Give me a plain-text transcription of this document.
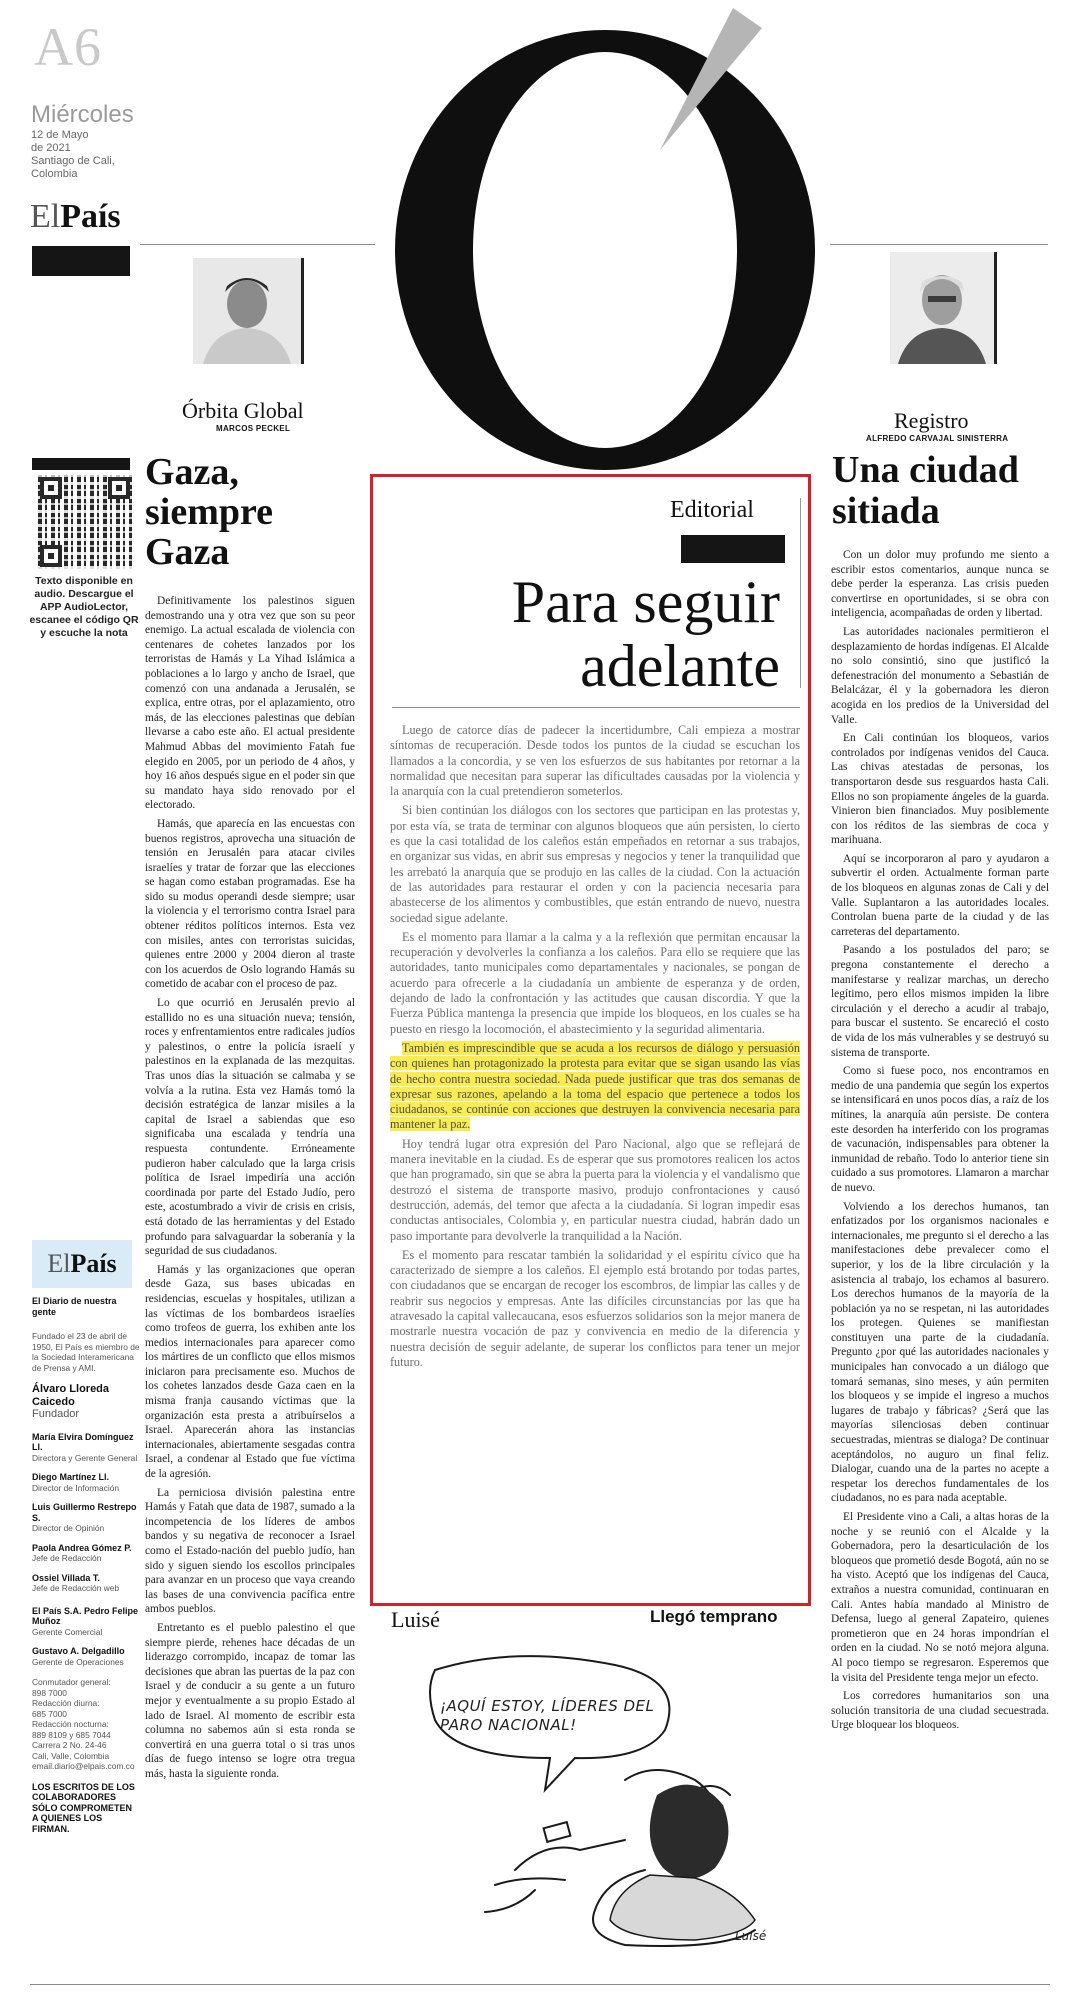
A6
Miércoles
12 de Mayo
de 2021
Santiago de Cali,
Colombia
ElPaís
Órbita Global
MARCOS PECKEL	Registro
ALFREDO CARVAJAL SINISTERRA
Texto disponible en audio. Descargue el APP AudioLector, escanee el código QR y escuche la nota
Gaza,
siempre
Gaza

Definitivamente los palestinos siguen demostrando una y otra vez que son su peor enemigo. La actual escalada de violencia con centenares de cohetes lanzados por los terroristas de Hamás y La Yihad Islámica a poblaciones a lo largo y ancho de Israel, que comenzó con una andanada a Jerusalén, se explica, entre otras, por el aplazamiento, otro más, de las elecciones palestinas que debían llevarse a cabo este año. El actual presidente Mahmud Abbas del movimiento Fatah fue elegido en 2005, por un periodo de 4 años, y hoy 16 años después sigue en el poder sin que su mandato haya sido renovado por el electorado.

Hamás, que aparecía en las encuestas con buenos registros, aprovecha una situación de tensión en Jerusalén para atacar civiles israelíes y tratar de forzar que las elecciones se hagan como estaban programadas. Ese ha sido su modus operandi desde siempre; usar la violencia y el terrorismo contra Israel para obtener réditos políticos internos. Esta vez con misiles, antes con terroristas suicidas, quienes entre 2000 y 2004 dieron al traste con los acuerdos de Oslo logrando Hamás su cometido de acabar con el proceso de paz.

Lo que ocurrió en Jerusalén previo al estallido no es una situación nueva; tensión, roces y enfrentamientos entre radicales judíos y palestinos, o entre la policía israelí y palestinos en la explanada de las mezquitas. Tras unos días la situación se calmaba y se volvía a la rutina. Esta vez Hamás tomó la decisión estratégica de lanzar misiles a la capital de Israel a sabiendas que eso significaba una escalada y tendría una respuesta contundente. Erróneamente pudieron haber calculado que la larga crisis política de Israel impediría una acción coordinada por parte del Estado Judío, pero este, acostumbrado a vivir de crisis en crisis, está dotado de las herramientas y del Estado profundo para salvaguardar la soberanía y la seguridad de sus ciudadanos.

Hamás y las organizaciones que operan desde Gaza, sus bases ubicadas en residencias, escuelas y hospitales, utilizan a las víctimas de los bombardeos israelíes como trofeos de guerra, los exhiben ante los medios internacionales para aparecer como los mártires de un conflicto que ellos mismos iniciaron para precisamente eso. Muchos de los cohetes lanzados desde Gaza caen en la misma franja causando víctimas que la organización esta presta a atribuírselos a Israel. Aparecerán ahora las instancias internacionales, abiertamente sesgadas contra Israel, a condenar al Estado que fue víctima de la agresión.

La perniciosa división palestina entre Hamás y Fatah que data de 1987, sumado a la incompetencia de los líderes de ambos bandos y su negativa de reconocer a Israel como el Estado-nación del pueblo judío, han sido y siguen siendo los escollos principales para avanzar en un proceso que vaya creando las bases de una convivencia pacífica entre ambos pueblos.

Entretanto es el pueblo palestino el que siempre pierde, rehenes hace décadas de un liderazgo corrompido, incapaz de tomar las decisiones que abran las puertas de la paz con Israel y de conducir a su gente a un futuro mejor y eventualmente a su propio Estado al lado de Israel. Al momento de escribir esta columna no sabemos aún si esta ronda se convertirá en una guerra total o si tras unos días de fuego intenso se logre otra tregua más, hasta la siguiente ronda.

ElPaís
El Diario de nuestra gente
Fundado el 23 de abril de 1950, El País es miembro de la Sociedad Interamericana de Prensa y AMI.
Álvaro Lloreda Caicedo
Fundador
María Elvira Domínguez Ll.
Directora y Gerente General
Diego Martínez Ll.
Director de Información
Luis Guillermo Restrepo S.
Director de Opinión
Paola Andrea Gómez P.
Jefe de Redacción
Ossiel Villada T.
Jefe de Redacción web
El País S.A. Pedro Felipe Muñoz
Gerente Comercial
Gustavo A. Delgadillo
Gerente de Operaciones
Conmutador general:
898 7000
Redacción diurna:
685 7000
Redacción nocturna:
889 8109 y 685 7044
Carrera 2 No. 24-46
Cali, Valle, Colombia
email.diario@elpais.com.co
LOS ESCRITOS DE LOS COLABORADORES SÓLO COMPROMETEN A QUIENES LOS FIRMAN.
Editorial
Para seguir
adelante

Luego de catorce días de padecer la incertidumbre, Cali empieza a mostrar síntomas de recuperación. Desde todos los puntos de la ciudad se escuchan los llamados a la concordia, y se ven los esfuerzos de sus habitantes por retornar a la normalidad que necesitan para superar las dificultades causadas por la violencia y la anarquía con la cual pretendieron someterlos.

Si bien continúan los diálogos con los sectores que participan en las protestas y, por esta vía, se trata de terminar con algunos bloqueos que aún persisten, lo cierto es que la casi totalidad de los caleños están empeñados en retornar a sus trabajos, en organizar sus vidas, en abrir sus empresas y negocios y tener la tranquilidad que les arrebató la anarquía que se produjo en las calles de la ciudad. Con la actuación de las autoridades para restaurar el orden y con la paciencia necesaria para abastecerse de los alimentos y combustibles, que están entrando de nuevo, nuestra sociedad sigue adelante.

Es el momento para llamar a la calma y a la reflexión que permitan encausar la recuperación y devolverles la confianza a los caleños. Para ello se requiere que las autoridades, tanto municipales como departamentales y nacionales, se pongan de acuerdo para ofrecerle a la ciudadanía un ambiente de esperanza y de orden, dejando de lado la confrontación y las actitudes que causan discordia. Y que la Fuerza Pública mantenga la presencia que impide los bloqueos, en los cuales se ha puesto en riesgo la locomoción, el abastecimiento y la seguridad alimentaria.

También es imprescindible que se acuda a los recursos de diálogo y persuasión con quienes han protagonizado la protesta para evitar que se sigan usando las vías de hecho contra nuestra sociedad. Nada puede justificar que tras dos semanas de expresar sus razones, apelando a la toma del espacio que pertenece a todos los ciudadanos, se continúe con acciones que destruyen la convivencia necesaria para mantener la paz.

Hoy tendrá lugar otra expresión del Paro Nacional, algo que se reflejará de manera inevitable en la ciudad. Es de esperar que sus promotores realicen los actos que han programado, sin que se abra la puerta para la violencia y el vandalismo que destrozó el sistema de transporte masivo, produjo confrontaciones y causó destrucción, además, del temor que afecta a la ciudadanía. Si logran impedir esas conductas antisociales, Colombia y, en particular nuestra ciudad, habrán dado un paso importante para devolverle la tranquilidad a la Nación.

Es el momento para rescatar también la solidaridad y el espíritu cívico que ha caracterizado de siempre a los caleños. El ejemplo está brotando por todas partes, con ciudadanos que se encargan de recoger los escombros, de limpiar las calles y de reabrir sus negocios y empresas. Ante las difíciles circunstancias por las que ha atravesado la capital vallecaucana, esos esfuerzos solidarios son la mejor manera de mostrarle nuestra vocación de paz y convivencia en medio de la diferencia y nuestra decisión de seguir adelante, de superar los conflictos para tener un mejor futuro.

Luisé	Llegó temprano
Luisé
¡AQUÍ ESTOY, LÍDERES DEL PARO NACIONAL!
Una ciudad
sitiada

Con un dolor muy profundo me siento a escribir estos comentarios, aunque nunca se debe perder la esperanza. Las crisis pueden convertirse en oportunidades, si se obra con inteligencia, acompañadas de orden y libertad.

Las autoridades nacionales permitieron el desplazamiento de hordas indígenas. El Alcalde no solo consintió, sino que justificó la defenestración del monumento a Sebastián de Belalcázar, él y la gobernadora les dieron acogida en los predios de la Universidad del Valle.

En Cali continúan los bloqueos, varios controlados por indígenas venidos del Cauca. Las chivas atestadas de personas, los transportaron desde sus resguardos hasta Cali. Ellos no son propiamente ángeles de la guarda. Vinieron bien financiados. Muy posiblemente con los réditos de las siembras de coca y marihuana.

Aquí se incorporaron al paro y ayudaron a subvertir el orden. Actualmente forman parte de los bloqueos en algunas zonas de Cali y del Valle. Suplantaron a las autoridades locales. Controlan buena parte de la ciudad y de las carreteras del departamento.

Pasando a los postulados del paro; se pregona constantemente el derecho a manifestarse y realizar marchas, un derecho legítimo, pero ellos mismos impiden la libre circulación y el derecho a acudir al trabajo, para buscar el sustento. Se encareció el costo de vida de los más vulnerables y se destruyó su sistema de transporte.

Como si fuese poco, nos encontramos en medio de una pandemia que según los expertos se intensificará en unos pocos días, a raíz de los mítines, la anarquía aún persiste. De contera este desorden ha interferido con los programas de vacunación, indispensables para obtener la inmunidad de rebaño. Todo lo anterior tiene sin cuidado a sus promotores. Llamaron a marchar de nuevo.

Volviendo a los derechos humanos, tan enfatizados por los organismos nacionales e internacionales, me pregunto si el derecho a las manifestaciones debe prevalecer como el superior, y los de la libre circulación y la asistencia al trabajo, los echamos al basurero. Los derechos humanos de la mayoría de la población ya no se respetan, ni las autoridades los protegen. Quienes se manifiestan constituyen una parte de la ciudadanía. Pregunto ¿por qué las autoridades nacionales y municipales han convocado a un diálogo que tomará semanas, sino meses, y aún permiten los bloqueos y se impide el ingreso a muchos lugares de trabajo y fábricas? ¿Será que las mayorías silenciosas deben continuar secuestradas, mientras se dialoga? De continuar aceptándolos, no auguro un final feliz. Dialogar, cuando una de la partes no acepte a respetar los derechos fundamentales de los ciudadanos, no es para nada aceptable.

El Presidente vino a Cali, a altas horas de la noche y se reunió con el Alcalde y la Gobernadora, pero la desarticulación de los bloqueos que prometió desde Bogotá, aún no se ha visto. Aceptó que los indígenas del Cauca, extraños a nuestra comunidad, continuaran en Cali. Antes había mandado al Ministro de Defensa, luego al general Zapateiro, quienes prometieron que en 24 horas impondrían el orden en la ciudad. No se notó mejora alguna. Al poco tiempo se regresaron. Esperemos que la visita del Presidente tenga mejor un efecto.

Los corredores humanitarios son una solución transitoria de una ciudad secuestrada. Urge bloquear los bloqueos.
